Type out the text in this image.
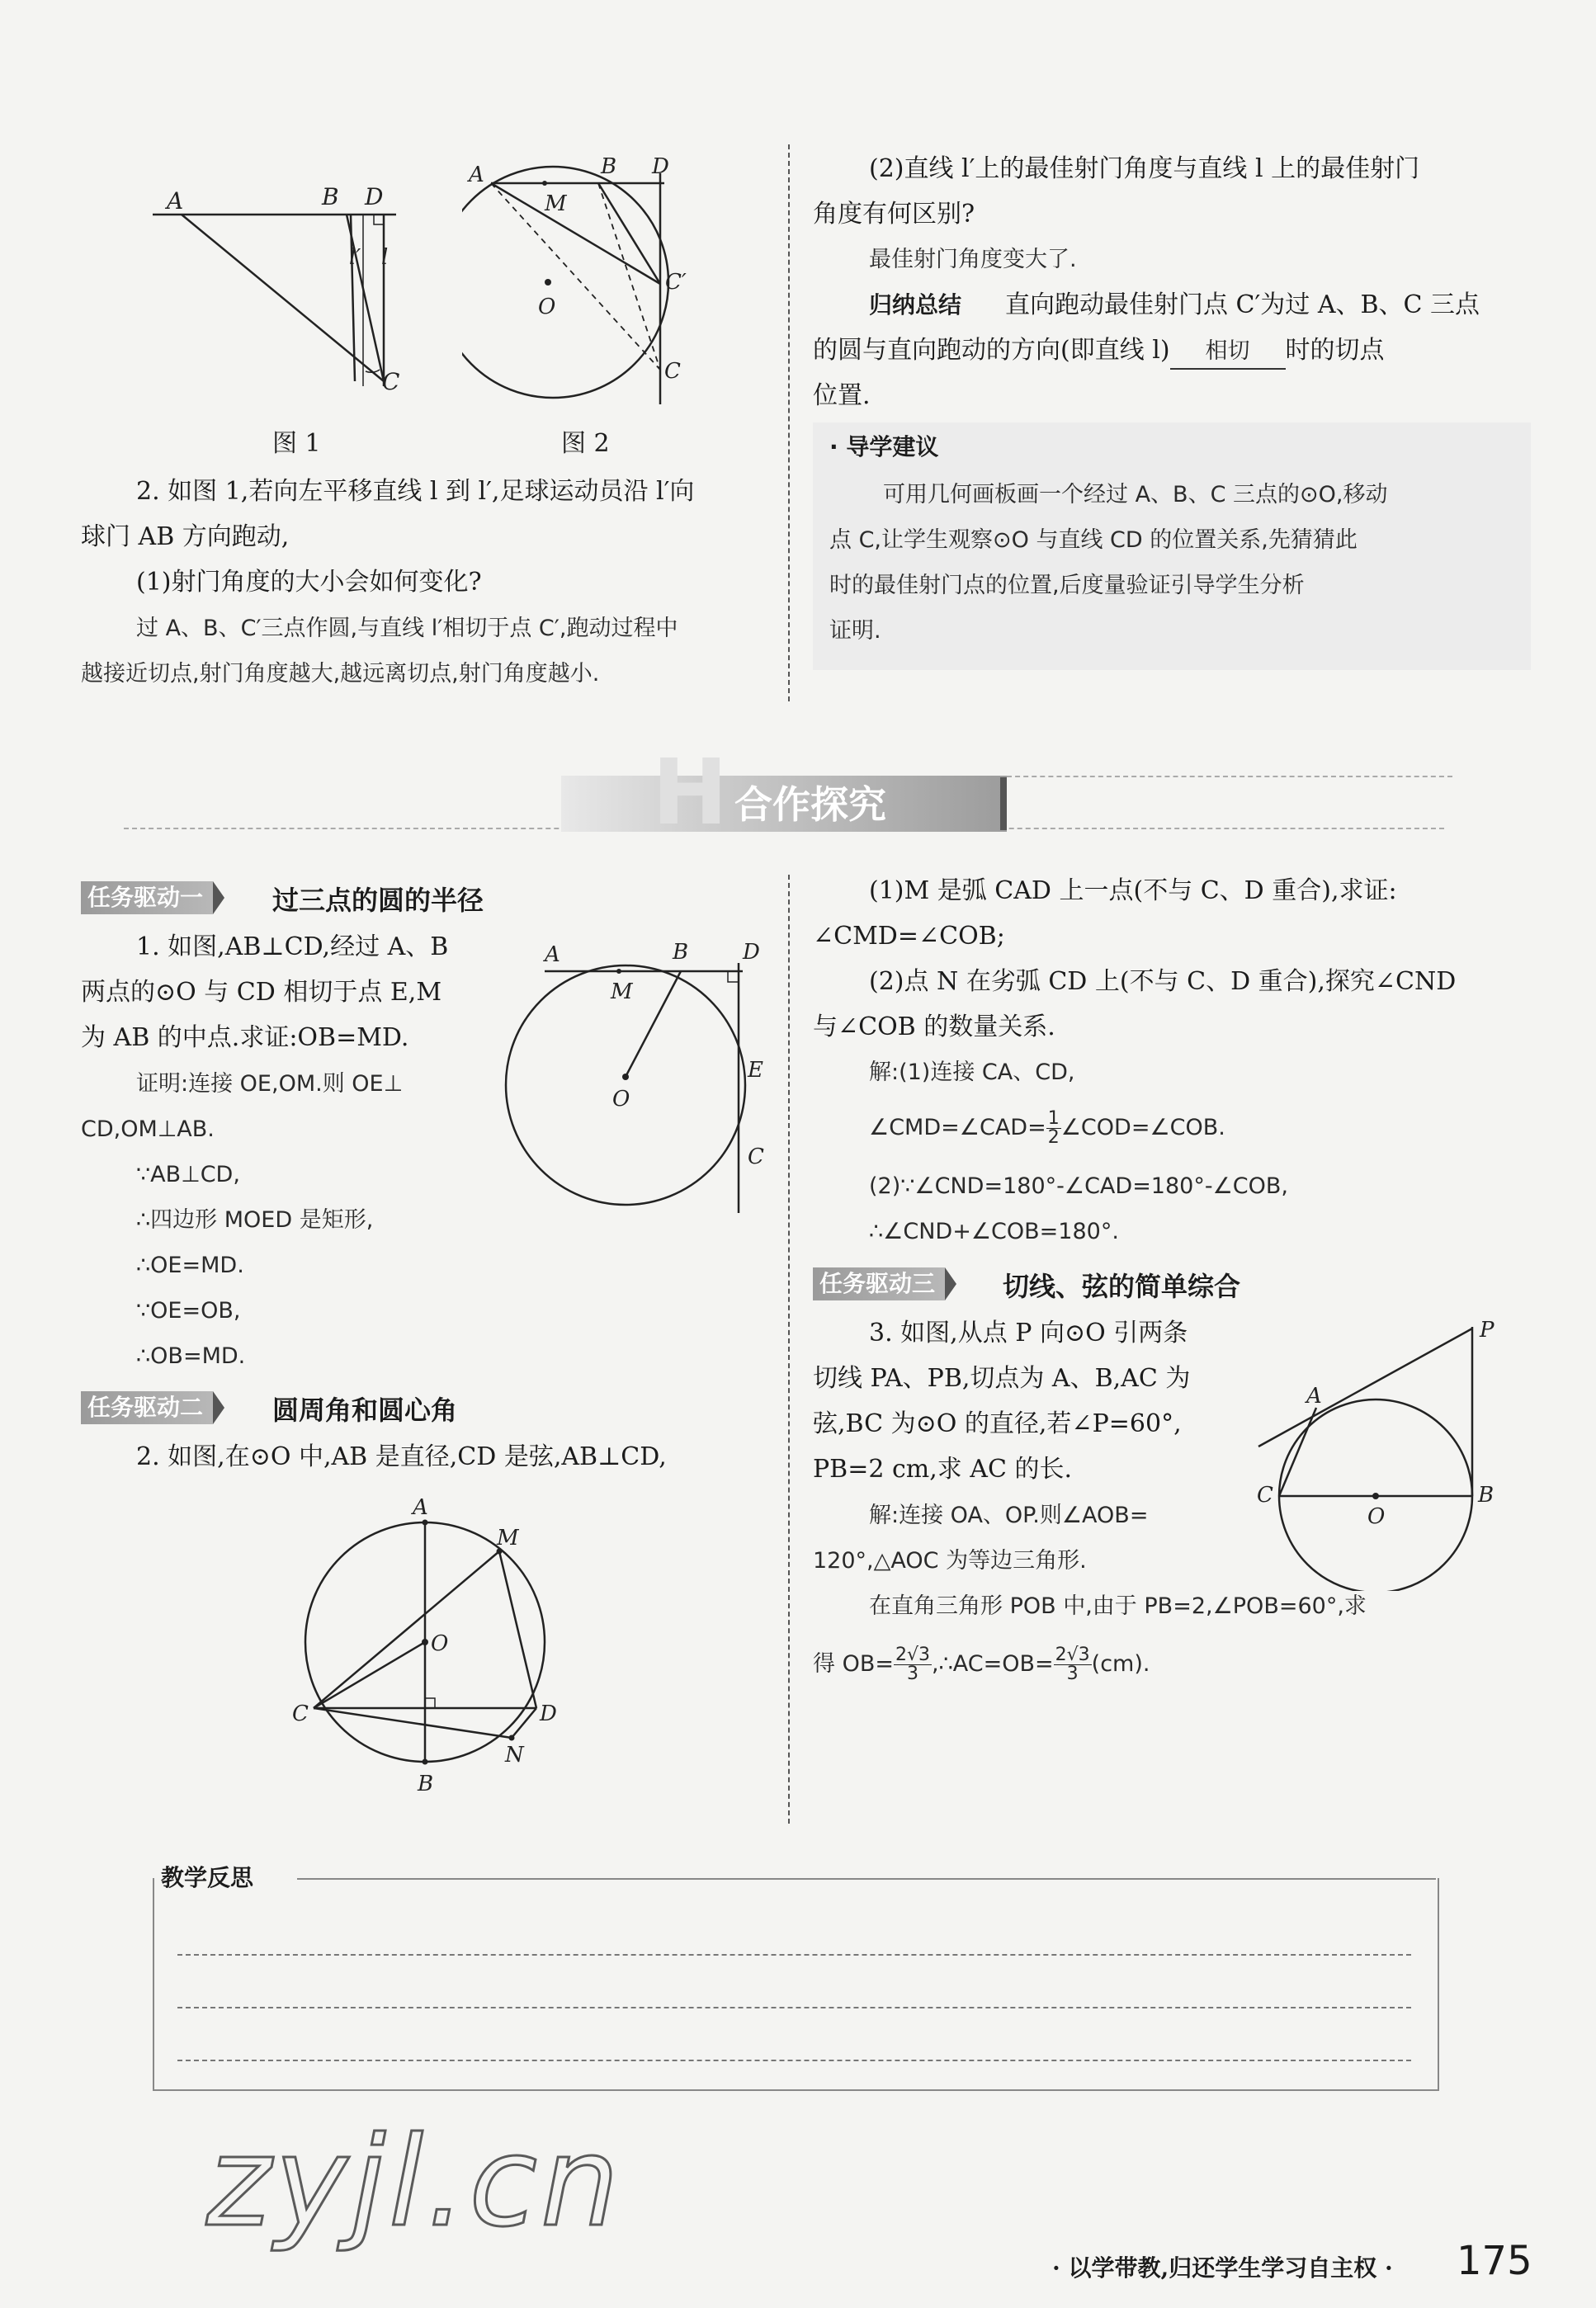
A	B D
l′ l
C
图 1
A
M
B D
C′
O
C
图 2
2. 如图 1,若向左平移直线 l 到 l′,足球运动员沿 l′向
球门 AB 方向跑动,
(1)射门角度的大小会如何变化?
过 A、B、C′三点作圆,与直线 l′相切于点 C′,跑动过程中
越接近切点,射门角度越大,越远离切点,射门角度越小.
(2)直线 l′上的最佳射门角度与直线 l 上的最佳射门
角度有何区别?
最佳射门角度变大了.
归纳总结 直向跑动最佳射门点 C′为过 A、B、C 三点
的圆与直向跑动的方向(即直线 l) 相切 时的切点
位置.
· 导学建议
可用几何画板画一个经过 A、B、C 三点的⊙O,移动
点 C,让学生观察⊙O 与直线 CD 的位置关系,先猜猜此
时的最佳射门点的位置,后度量验证引导学生分析
证明.
H 合作探究
任务驱动一	过三点的圆的半径
1. 如图,AB⊥CD,经过 A、B
两点的⊙O 与 CD 相切于点 E,M
为 AB 的中点.求证:OB=MD.
证明:连接 OE,OM.则 OE⊥
CD,OM⊥AB.
∵AB⊥CD,
∴四边形 MOED 是矩形,
∴OE=MD.
∵OE=OB,
∴OB=MD.
A	B	D
M
E
O
C
任务驱动二	圆周角和圆心角
2. 如图,在⊙O 中,AB 是直径,CD 是弦,AB⊥CD,
A
M
O
C	D
N
B
(1)M 是弧 CAD 上一点(不与 C、D 重合),求证:
∠CMD=∠COB;
(2)点 N 在劣弧 CD 上(不与 C、D 重合),探究∠CND
与∠COB 的数量关系.
解:(1)连接 CA、CD,
∠CMD=∠CAD= $\frac{1}{2}$ ∠COD=∠COB.
(2)∵∠CND=180°-∠CAD=180°-∠COB,
∴∠CND+∠COB=180°.
任务驱动三	切线、弦的简单综合
3. 如图,从点 P 向⊙O 引两条
切线 PA、PB,切点为 A、B,AC 为
弦,BC 为⊙O 的直径,若∠P=60°,
PB=2 cm,求 AC 的长.
解:连接 OA、OP.则∠AOB=
120°,△AOC 为等边三角形.
在直角三角形 POB 中,由于 PB=2,∠POB=60°,求
得 $OB= \frac{2√3}{3}$ ,∴AC=OB= $\frac{2√3}{3} (cm)$.
P
A
C
O
B
教学反思
zyjl.cn
· 以学带教,归还学生学习自主权 · 175
